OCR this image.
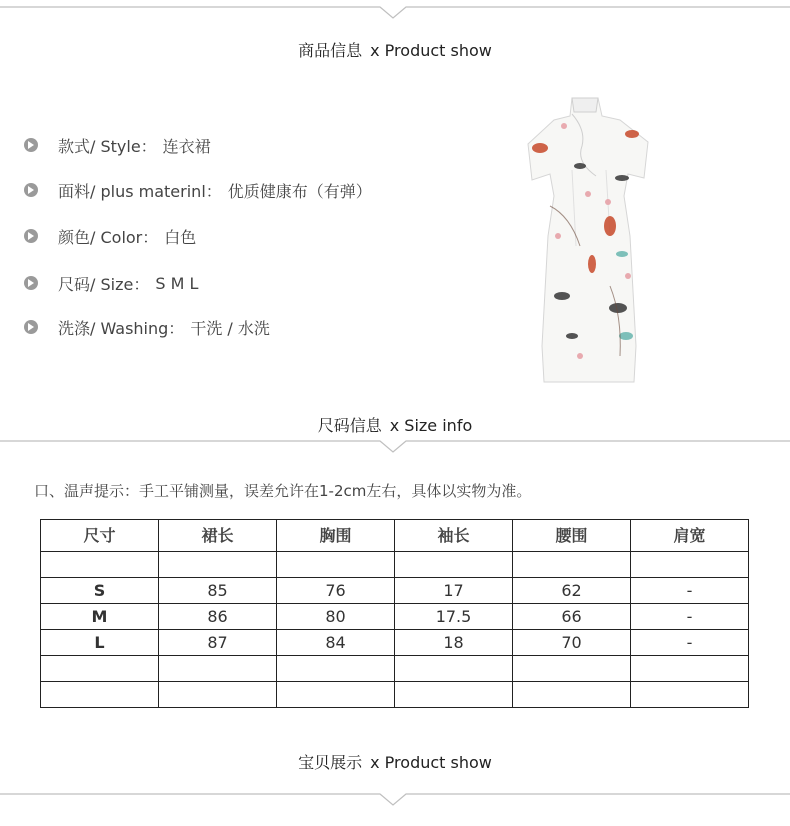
商品信息 x Product show
款式/ Style： 连衣裙
面料/ plus materinl： 优质健康布（有弹）
颜色/ Color： 白色
尺码/ Size： S M L
洗涤/ Washing： 干洗 / 水洗
尺码信息 x Size info
口、温声提示：手工平铺测量，误差允许在1-2cm左右，具体以实物为准。
尺寸	裙长	胸围	袖长	腰围	肩宽

S	85	76	17	62	-
M	86	80	17.5	66	-
L	87	84	18	70	-

宝贝展示 x Product show
